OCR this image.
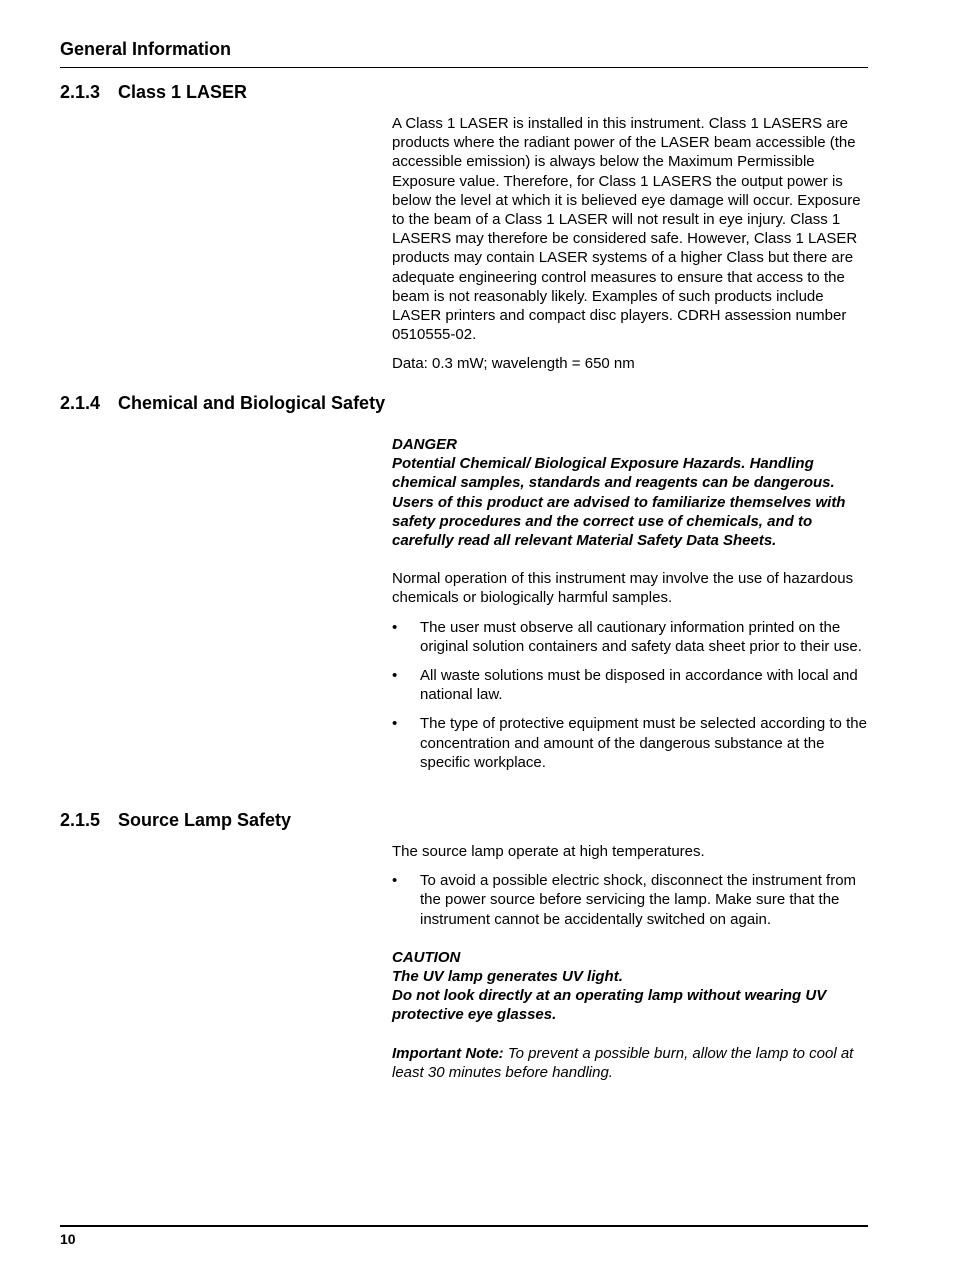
General Information
2.1.3 Class 1 LASER

A Class 1 LASER is installed in this instrument. Class 1 LASERS are products where the radiant power of the LASER beam accessible (the accessible emission) is always below the Maximum Permissible Exposure value. Therefore, for Class 1 LASERS the output power is below the level at which it is believed eye damage will occur. Exposure to the beam of a Class 1 LASER will not result in eye injury. Class 1 LASERS may therefore be considered safe. However, Class 1 LASER products may contain LASER systems of a higher Class but there are adequate engineering control measures to ensure that access to the beam is not reasonably likely. Examples of such products include LASER printers and compact disc players. CDRH assession number 0510555-02.

Data: 0.3 mW; wavelength = 650 nm

2.1.4 Chemical and Biological Safety

DANGER

Potential Chemical/ Biological Exposure Hazards. Handling chemical samples, standards and reagents can be dangerous. Users of this product are advised to familiarize themselves with safety procedures and the correct use of chemicals, and to carefully read all relevant Material Safety Data Sheets.

Normal operation of this instrument may involve the use of hazardous chemicals or biologically harmful samples.

• The user must observe all cautionary information printed on the original solution containers and safety data sheet prior to their use.
• All waste solutions must be disposed in accordance with local and national law.
• The type of protective equipment must be selected according to the concentration and amount of the dangerous substance at the specific workplace.
2.1.5 Source Lamp Safety

The source lamp operate at high temperatures.

• To avoid a possible electric shock, disconnect the instrument from the power source before servicing the lamp. Make sure that the instrument cannot be accidentally switched on again.

CAUTION

The UV lamp generates UV light.

Do not look directly at an operating lamp without wearing UV protective eye glasses.

Important Note: To prevent a possible burn, allow the lamp to cool at least 30 minutes before handling.

10
